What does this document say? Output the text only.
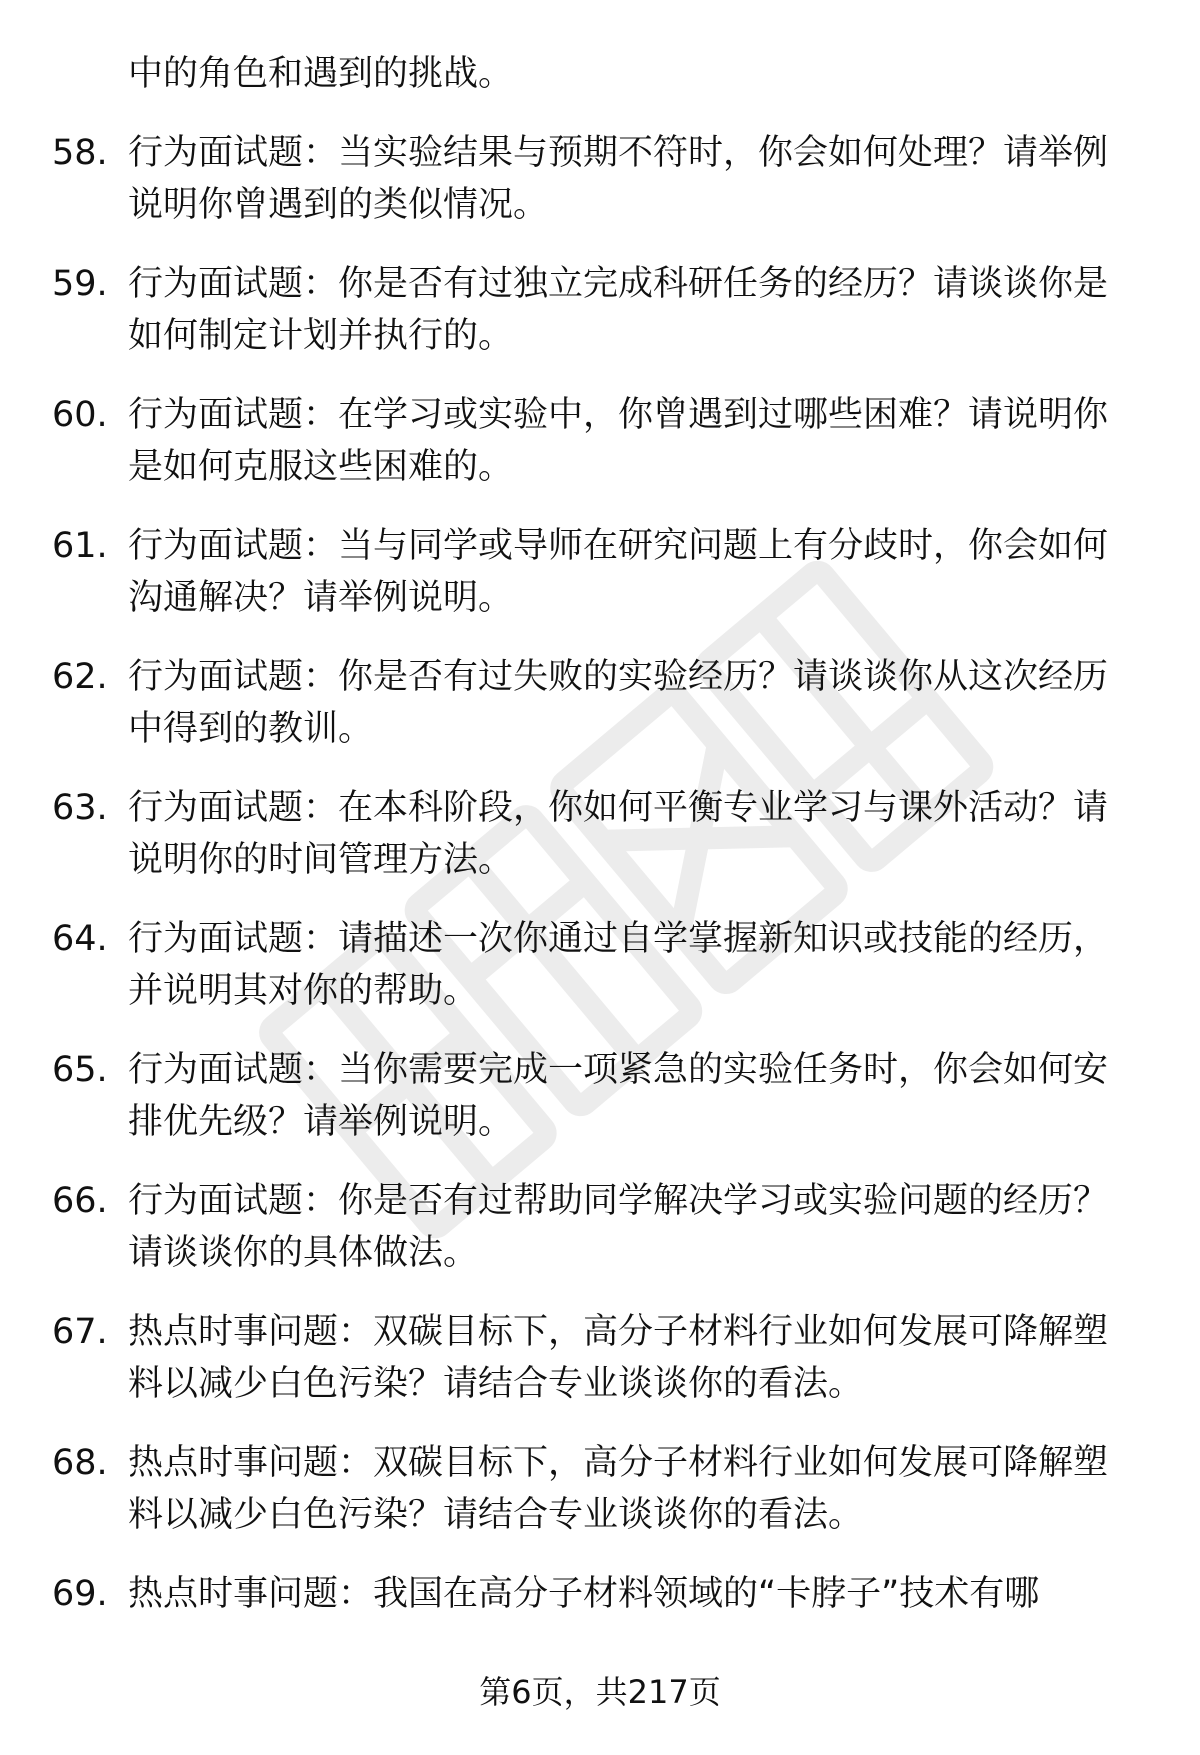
中的角色和遇到的挑战。
58. 行为面试题：当实验结果与预期不符时，你会如何处理？请举例说明你曾遇到的类似情况。
59. 行为面试题：你是否有过独立完成科研任务的经历？请谈谈你是如何制定计划并执行的。
60. 行为面试题：在学习或实验中，你曾遇到过哪些困难？请说明你是如何克服这些困难的。
61. 行为面试题：当与同学或导师在研究问题上有分歧时，你会如何沟通解决？请举例说明。
62. 行为面试题：你是否有过失败的实验经历？请谈谈你从这次经历中得到的教训。
63. 行为面试题：在本科阶段，你如何平衡专业学习与课外活动？请说明你的时间管理方法。
64. 行为面试题：请描述一次你通过自学掌握新知识或技能的经历，并说明其对你的帮助。
65. 行为面试题：当你需要完成一项紧急的实验任务时，你会如何安排优先级？请举例说明。
66. 行为面试题：你是否有过帮助同学解决学习或实验问题的经历？请谈谈你的具体做法。
67. 热点时事问题：双碳目标下，高分子材料行业如何发展可降解塑料以减少白色污染？请结合专业谈谈你的看法。
68. 热点时事问题：双碳目标下，高分子材料行业如何发展可降解塑料以减少白色污染？请结合专业谈谈你的看法。
69. 热点时事问题：我国在高分子材料领域的“卡脖子”技术有哪
第6页，共217页
